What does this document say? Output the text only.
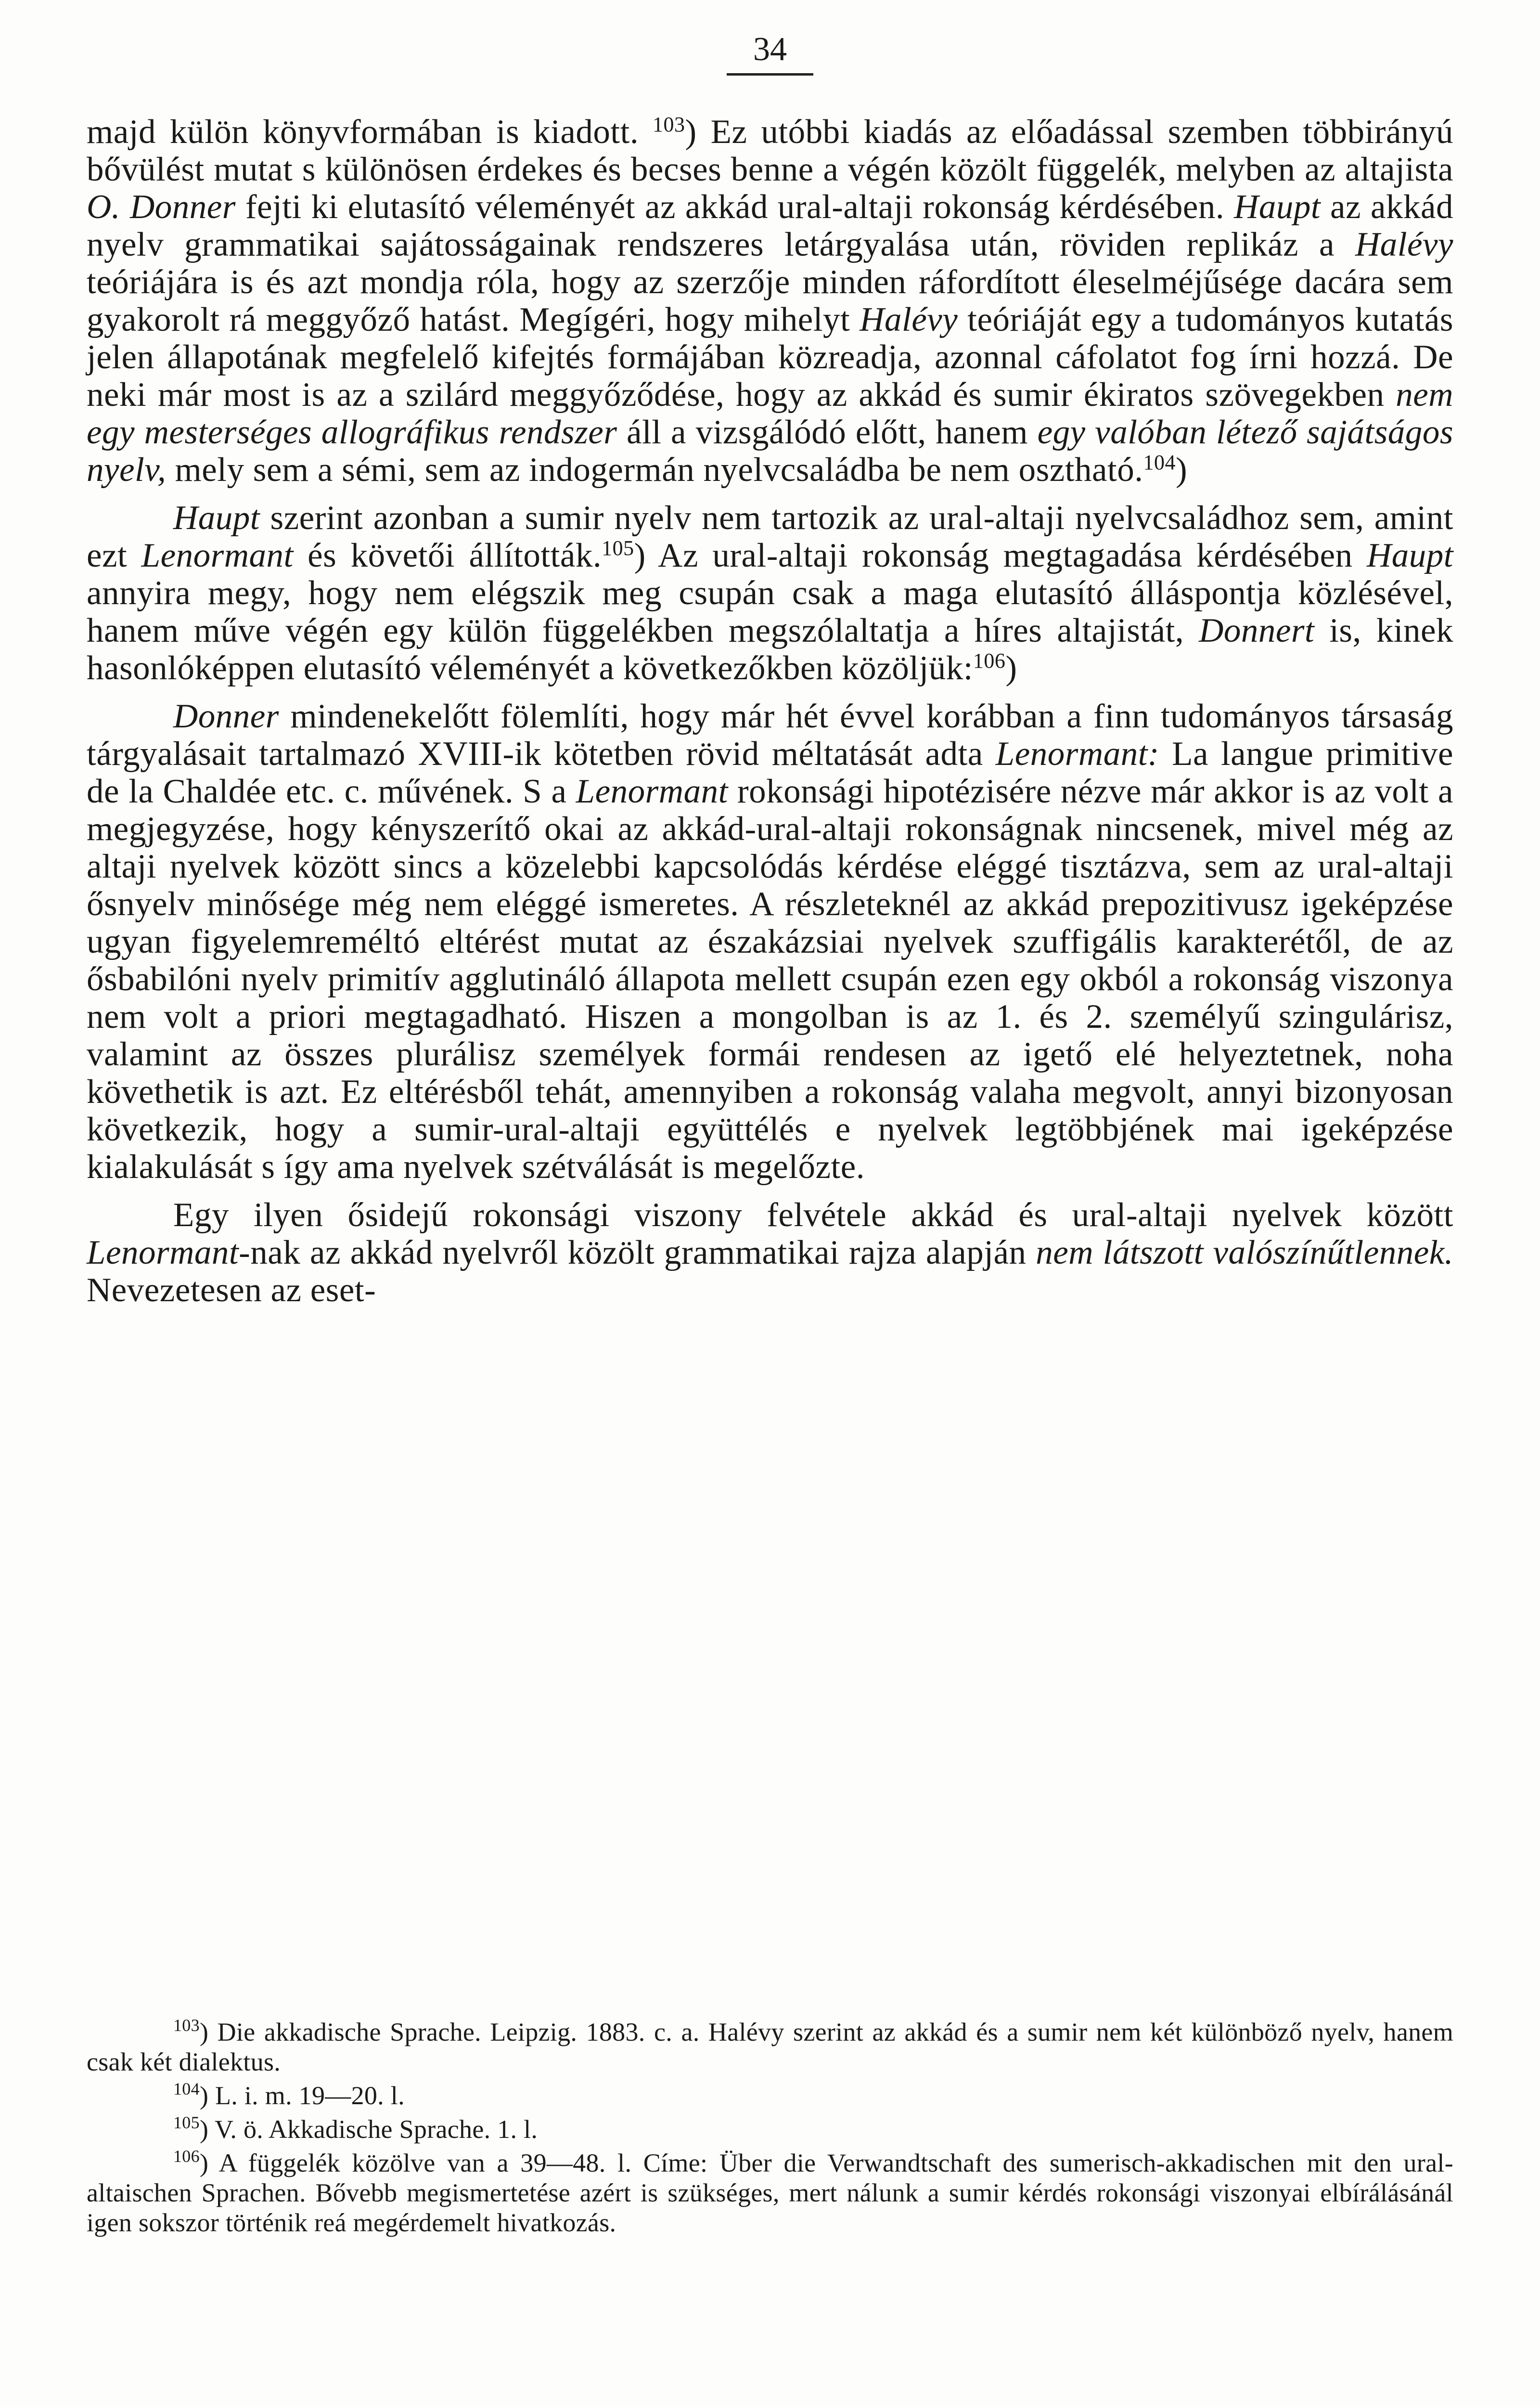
34

majd külön könyvformában is kiadott. $^{103}$) Ez utóbbi kiadás az előadással szemben többirányú bővülést mutat s különösen érdekes és becses benne a végén közölt függelék, melyben az altajista O. Donner fejti ki elutasító véleményét az akkád ural-altaji rokonság kérdésében. Haupt az akkád nyelv grammatikai sajátosságainak rendszeres letárgyalása után, röviden replikáz a Halévy teóriájára is és azt mondja róla, hogy az szerzője minden ráfordított éleselméjűsége dacára sem gyakorolt rá meggyőző hatást. Megígéri, hogy mihelyt Halévy teóriáját egy a tudományos kutatás jelen állapotának megfelelő kifejtés formájában közreadja, azonnal cáfolatot fog írni hozzá. De neki már most is az a szilárd meggyőződése, hogy az akkád és sumir ékiratos szövegekben nem egy mesterséges allográfikus rendszer áll a vizsgálódó előtt, hanem egy valóban létező sajátságos nyelv, mely sem a sémi, sem az indogermán nyelvcsaládba be nem osztható.$^{104}$)

Haupt szerint azonban a sumir nyelv nem tartozik az ural-altaji nyelvcsaládhoz sem, amint ezt Lenormant és követői állították.$^{105}$) Az ural-altaji rokonság megtagadása kérdésében Haupt annyira megy, hogy nem elégszik meg csupán csak a maga elutasító álláspontja közlésével, hanem műve végén egy külön függelékben megszólaltatja a híres altajistát, Donnert is, kinek hasonlóképpen elutasító véleményét a következőkben közöljük:$^{106}$)

Donner mindenekelőtt fölemlíti, hogy már hét évvel korábban a finn tudományos társaság tárgyalásait tartalmazó XVIII-ik kötetben rövid méltatását adta Lenormant: La langue primitive de la Chaldée etc. c. művének. S a Lenormant rokonsági hipotézisére nézve már akkor is az volt a megjegyzése, hogy kényszerítő okai az akkád-ural-altaji rokonságnak nincsenek, mivel még az altaji nyelvek között sincs a közelebbi kapcsolódás kérdése eléggé tisztázva, sem az ural-altaji ősnyelv minősége még nem eléggé ismeretes. A részleteknél az akkád prepozitivusz igeképzése ugyan figyelemreméltó eltérést mutat az északázsiai nyelvek szuffigális karakterétől, de az ősbabilóni nyelv primitív agglutináló állapota mellett csupán ezen egy okból a rokonság viszonya nem volt a priori megtagadható. Hiszen a mongolban is az 1. és 2. személyű szingulárisz, valamint az összes plurálisz személyek formái rendesen az igető elé helyeztetnek, noha követhetik is azt. Ez eltérésből tehát, amennyiben a rokonság valaha megvolt, annyi bizonyosan következik, hogy a sumir-ural-altaji együttélés e nyelvek legtöbbjének mai igeképzése kialakulását s így ama nyelvek szétválását is megelőzte.

Egy ilyen ősidejű rokonsági viszony felvétele akkád és ural-altaji nyelvek között Lenormant-nak az akkád nyelvről közölt grammatikai rajza alapján nem látszott valószínűtlennek. Nevezetesen az eset-

$^{103}$) Die akkadische Sprache. Leipzig. 1883. c. a. Halévy szerint az akkád és a sumir nem két különböző nyelv, hanem csak két dialektus.

$^{104}$) L. i. m. 19—20. l.

$^{105}$) V. ö. Akkadische Sprache. 1. l.

$^{106}$) A függelék közölve van a 39—48. l. Címe: Über die Verwandtschaft des sumerisch-akkadischen mit den ural-altaischen Sprachen. Bővebb megismertetése azért is szükséges, mert nálunk a sumir kérdés rokonsági viszonyai elbírálásánál igen sokszor történik reá megérdemelt hivatkozás.
